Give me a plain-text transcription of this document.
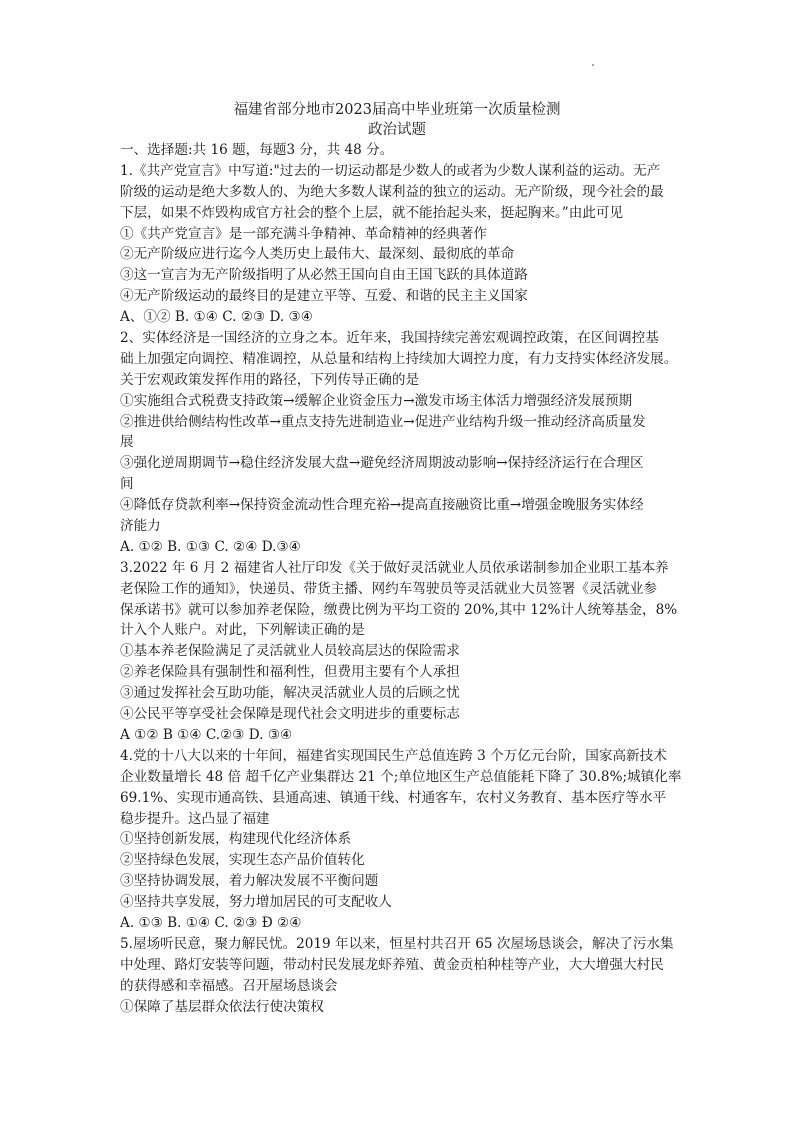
福建省部分地市2023届高中毕业班第一次质量检测
政治试题
一、选择题:共 16 题，每题3 分，共 48 分。
1.《共产党宣言》中写道:"过去的一切运动都是少数人的或者为少数人谋利益的运动。无产
阶级的运动是绝大多数人的、为绝大多数人谋利益的独立的运动。无产阶级，现今社会的最
下层，如果不炸毁构成官方社会的整个上层，就不能抬起头来，挺起胸来。”由此可见
①《共产党宣言》是一部充满斗争精神、革命精神的经典著作
②无产阶级应进行迄今人类历史上最伟大、最深刻、最彻底的革命
③这一宣言为无产阶级指明了从必然王国向自由王国飞跃的具体道路
④无产阶级运动的最终目的是建立平等、互爱、和谐的民主主义国家
A、①② B. ①④ C. ②③ D. ③④
2、实体经济是一国经济的立身之本。近年来，我国持续完善宏观调控政策，在区间调控基
础上加强定向调控、精准调控，从总量和结构上持续加大调控力度，有力支持实体经济发展。
关于宏观政策发挥作用的路径，下列传导正确的是
①实施组合式税费支持政策→缓解企业资金压力→激发市场主体活力增强经济发展预期
②推进供给侧结构性改革→重点支持先进制造业→促进产业结构升级一推动经济高质量发
展
③强化逆周期调节→稳住经济发展大盘→避免经济周期波动影响→保持经济运行在合理区
间
④降低存贷款利率→保持资金流动性合理充裕→提高直接融资比重→增强金晚服务实体经
济能力
A. ①② B. ①③ C. ②④ D.③④
3.2022 年 6 月 2 福建省人社厅印发《关于做好灵活就业人员依承诺制参加企业职工基本养
老保险工作的通知》，快递员、带货主播、网约车驾驶员等灵活就业大员签署《灵活就业参
保承诺书》就可以参加养老保险，缴费比例为平均工资的 20%,其中 12%计人统筹基金，8%
计入个人账户。对此，下列解读正确的是
①基本养老保险满足了灵活就业人员较高层达的保险需求
②养老保险具有强制性和福利性，但费用主要有个人承担
③通过发挥社会互助功能，解决灵活就业人员的后顾之忧
④公民平等享受社会保障是现代社会文明进步的重要标志
A ①② B ①④ C.②③ D. ③④
4.党的十八大以来的十年间，福建省实现国民生产总值连跨 3 个万亿元台阶，国家高新技术
企业数量增长 48 倍 超千亿产业集群达 21 个;单位地区生产总值能耗下降了 30.8%;城镇化率
69.1%、实现市通高铁、县通高速、镇通干线、村通客车，农村义务教育、基本医疗等水平
稳步提升。这凸显了福建
①坚持创新发展，构建现代化经济体系
②坚持绿色发展，实现生态产品价值转化
③坚持协调发展，着力解决发展不平衡问题
④坚持共享发展，努力增加居民的可支配收人
A. ①③ B. ①④ C. ②③ Đ ②④
5.屋场听民意，聚力解民忧。2019 年以来，恒星村共召开 65 次屋场恳谈会，解决了污水集
中处理、路灯安装等问题，带动村民发展龙虾养殖、黄金贡柏种桂等产业，大大增强大村民
的获得感和幸福感。召开屋场恳谈会
①保障了基层群众依法行使决策权
